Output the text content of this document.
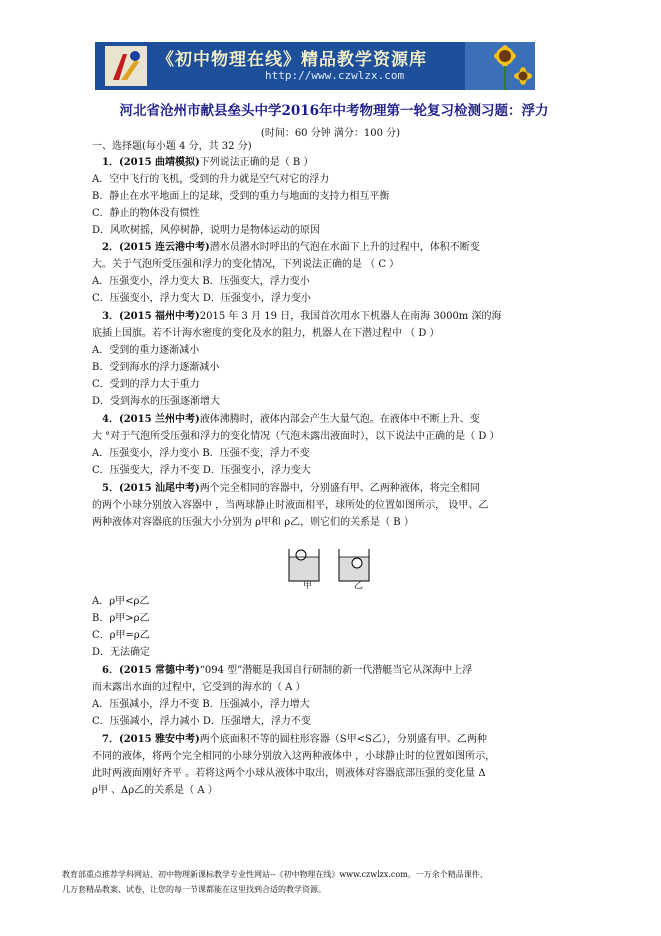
《初中物理在线》精品教学资源库
http://www.czwlzx.com
河北省沧州市献县垒头中学2016年中考物理第一轮复习检测习题：浮力
(时间：60 分钟 满分：100 分)
一、选择题(每小题 4 分，共 32 分)
1．(2015 曲靖模拟)下列说法正确的是（ B ）
A．空中飞行的飞机，受到的升力就是空气对它的浮力
B．静止在水平地面上的足球，受到的重力与地面的支持力相互平衡
C．静止的物体没有惯性
D．风吹树摇，风停树静，说明力是物体运动的原因
2．(2015 连云港中考)潜水员潜水时呼出的气泡在水面下上升的过程中，体积不断变
大。关于气泡所受压强和浮力的变化情况，下列说法正确的是 （ C ）
A．压强变小，浮力变大 B．压强变大，浮力变小
C．压强变小，浮力变大 D．压强变小，浮力变小
3．(2015 福州中考)2015 年 3 月 19 日，我国首次用水下机器人在南海 3000m 深的海
底插上国旗。若不计海水密度的变化及水的阻力，机器人在下潜过程中 （ D ）
A．受到的重力逐渐减小
B．受到海水的浮力逐渐减小
C．受到的浮力大于重力
D．受到海水的压强逐渐增大
4．(2015 兰州中考)液体沸腾时，液体内部会产生大量气泡。在液体中不断上升、变
大 °对于气泡所受压强和浮力的变化情况（气泡未露出液面时），以下说法中正确的是（ D ）
A．压强变小，浮力变小 B．压强不变，浮力不变
C．压强变大，浮力不变 D．压强变小，浮力变大
5．(2015 汕尾中考)两个完全相同的容器中，分别盛有甲、乙两种液体，将完全相同
的两个小球分别放入容器中 ，当两球静止时液面相平，球所处的位置如图所示， 设甲、乙
两种液体对容器底的压强大小分别为 ρ甲和 ρ乙，则它们的关系是（ B ）
甲	乙
A．ρ甲<ρ乙
B．ρ甲>ρ乙
C．ρ甲=ρ乙
D．无法确定
6．(2015 常德中考)“094 型”潜艇是我国自行研制的新一代潜艇当它从深海中上浮
而未露出水面的过程中，它受到的海水的（ A ）
A．压强减小，浮力不变 B．压强减小，浮力增大
C．压强减小，浮力减小 D．压强增大，浮力不变
7．(2015 雅安中考)两个底面积不等的圆柱形容器（S甲<S乙），分别盛有甲、乙两种
不同的液体，将两个完全相同的小球分别放入这两种液体中 ，小球静止时的位置如图所示，
此时两液面刚好齐平 。若将这两个小球从液体中取出，则液体对容器底部压强的变化量 Δ
ρ甲 、Δρ乙的关系是（ A ）
教育部重点推荐学科网站、初中物理新课标教学专业性网站--《初中物理在线》www.czwlzx.com。一万余个精品课件、
几万套精品教案、试卷，让您的每一节课都能在这里找到合适的教学资源。
